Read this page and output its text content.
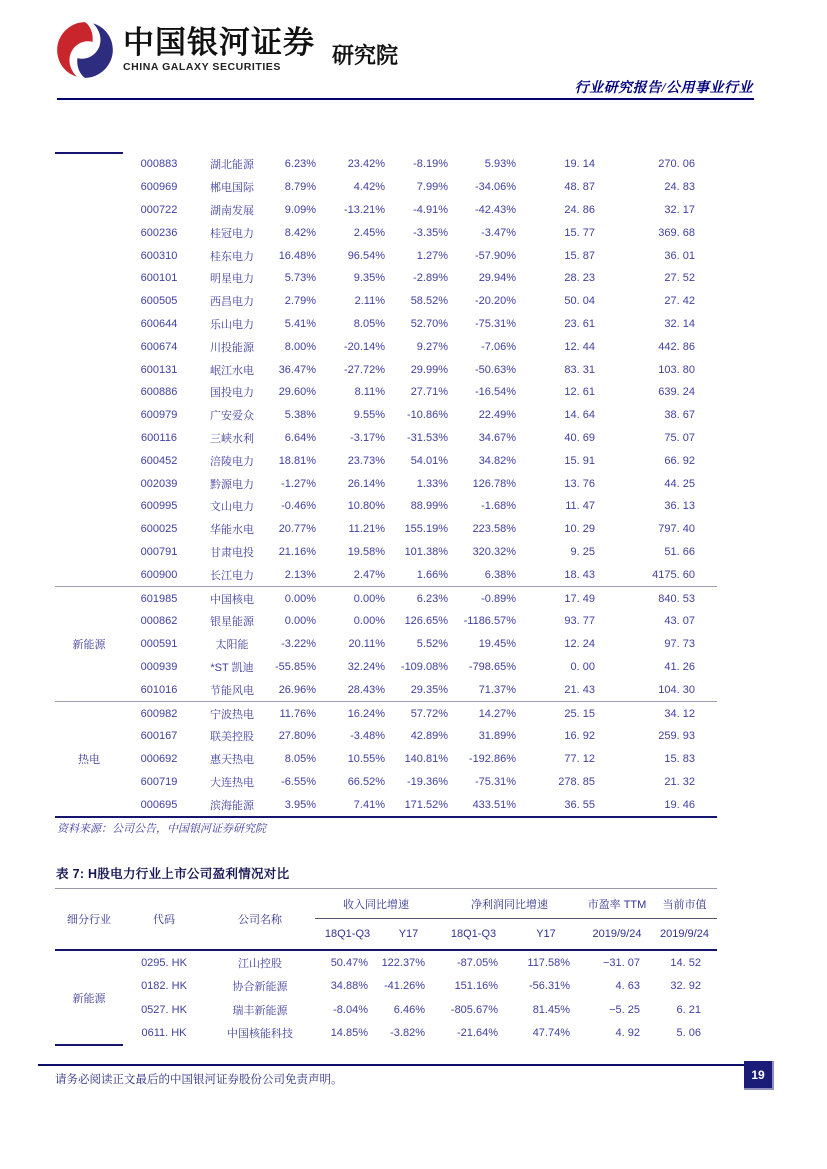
中国银河证券 研究院
CHINA GALAXY SECURITIES
行业研究报告/公用事业行业
	000883	湖北能源	6.23%	23.42%	-8.19%	5.93%	19. 14	270. 06
	600969	郴电国际	8.79%	4.42%	7.99%	-34.06%	48. 87	24. 83
	000722	湖南发展	9.09%	-13.21%	-4.91%	-42.43%	24. 86	32. 17
	600236	桂冠电力	8.42%	2.45%	-3.35%	-3.47%	15. 77	369. 68
	600310	桂东电力	16.48%	96.54%	1.27%	-57.90%	15. 87	36. 01
	600101	明星电力	5.73%	9.35%	-2.89%	29.94%	28. 23	27. 52
	600505	西昌电力	2.79%	2.11%	58.52%	-20.20%	50. 04	27. 42
	600644	乐山电力	5.41%	8.05%	52.70%	-75.31%	23. 61	32. 14
	600674	川投能源	8.00%	-20.14%	9.27%	-7.06%	12. 44	442. 86
	600131	岷江水电	36.47%	-27.72%	29.99%	-50.63%	83. 31	103. 80
	600886	国投电力	29.60%	8.11%	27.71%	-16.54%	12. 61	639. 24
	600979	广安爱众	5.38%	9.55%	-10.86%	22.49%	14. 64	38. 67
	600116	三峡水利	6.64%	-3.17%	-31.53%	34.67%	40. 69	75. 07
	600452	涪陵电力	18.81%	23.73%	54.01%	34.82%	15. 91	66. 92
	002039	黔源电力	-1.27%	26.14%	1.33%	126.78%	13. 76	44. 25
	600995	文山电力	-0.46%	10.80%	88.99%	-1.68%	11. 47	36. 13
	600025	华能水电	20.77%	11.21%	155.19%	223.58%	10. 29	797. 40
	000791	甘肃电投	21.16%	19.58%	101.38%	320.32%	9. 25	51. 66
	600900	长江电力	2.13%	2.47%	1.66%	6.38%	18. 43	4175. 60
新能源	601985	中国核电	0.00%	0.00%	6.23%	-0.89%	17. 49	840. 53
	000862	银星能源	0.00%	0.00%	126.65%	-1186.57%	93. 77	43. 07
	000591	太阳能	-3.22%	20.11%	5.52%	19.45%	12. 24	97. 73
	000939	*ST 凯迪	-55.85%	32.24%	-109.08%	-798.65%	0. 00	41. 26
	601016	节能风电	26.96%	28.43%	29.35%	71.37%	21. 43	104. 30
热电	600982	宁波热电	11.76%	16.24%	57.72%	14.27%	25. 15	34. 12
	600167	联美控股	27.80%	-3.48%	42.89%	31.89%	16. 92	259. 93
	000692	惠天热电	8.05%	10.55%	140.81%	-192.86%	77. 12	15. 83
	600719	大连热电	-6.55%	66.52%	-19.36%	-75.31%	278. 85	21. 32
	000695	滨海能源	3.95%	7.41%	171.52%	433.51%	36. 55	19. 46
资料来源：公司公告，中国银河证券研究院
表 7: H股电力行业上市公司盈利情况对比
细分行业	代码	公司名称	收入同比增速		净利润同比增速		市盈率 TTM	当前市值
			18Q1-Q3	Y17	18Q1-Q3	Y17	2019/9/24	2019/9/24
新能源	0295. HK	江山控股	50.47%	122.37%	-87.05%	117.58%	−31. 07	14. 52
	0182. HK	协合新能源	34.88%	-41.26%	151.16%	-56.31%	4. 63	32. 92
	0527. HK	瑞丰新能源	-8.04%	6.46%	-805.67%	81.45%	−5. 25	6. 21
	0611. HK	中国核能科技	14.85%	-3.82%	-21.64%	47.74%	4. 92	5. 06
请务必阅读正文最后的中国银河证券股份公司免责声明。	19
